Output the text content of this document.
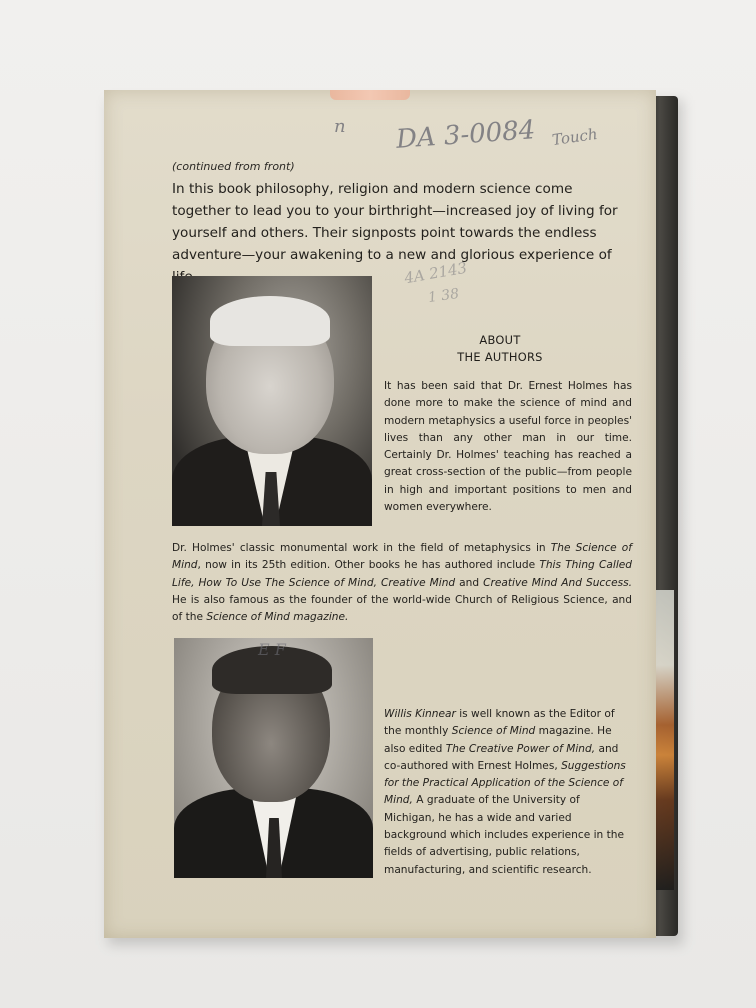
n DA 3-0084 Touch
4A 2143
1 38
(continued from front)
In this book philosophy, religion and modern science come together to lead you to your birthright—increased joy of living for yourself and others. Their signposts point towards the endless adventure—your awakening to a new and glorious experience of
ABOUT
THE AUTHORS
It has been said that Dr. Ernest Holmes has done more to make the science of mind and modern metaphysics a useful force in peoples' lives than any other man in our time. Certainly Dr. Holmes' teaching has reached a great cross-section of the public—from people in high and important positions to men and women everywhere.
Dr. Holmes' classic monumental work in the field of metaphysics in The Science of Mind, now in its 25th edition. Other books he has authored include This Thing Called Life, How To Use The Science of Mind, Creative Mind and Creative Mind And Success. He is also famous as the founder of the world-wide Church of Religious Science, and of the Science of Mind magazine.
E F
Willis Kinnear is well known as the Editor of the monthly Science of Mind magazine. He also edited The Creative Power of Mind, and co-authored with Ernest Holmes, Suggestions for the Practical Application of the Science of Mind, A graduate of the University of Michigan, he has a wide and varied background which includes experience in the fields of advertising, public relations, manufacturing, and scientific research.
